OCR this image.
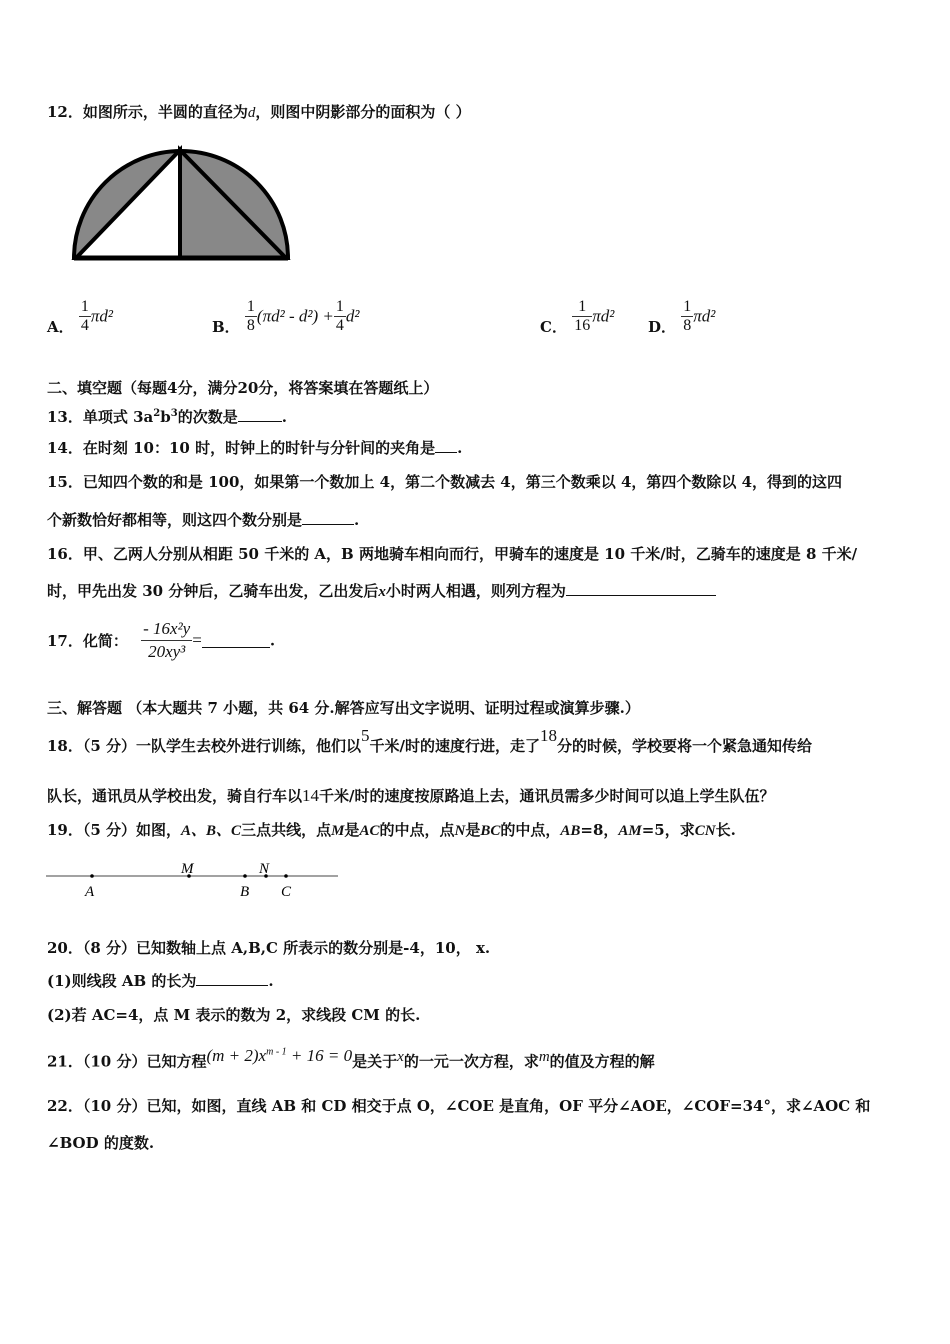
12．如图所示，半圆的直径为d，则图中阴影部分的面积为（ ）
A． $\frac{1}{4} \pi d^2$
B． $\frac{1}{8} (\pi d^2 - d^2) + \frac{1}{4} d^2$
C． $\frac{1}{16} \pi d^2$
D． $\frac{1}{8} \pi d^2$
二、填空题（每题4分，满分20分，将答案填在答题纸上）
13．单项式 $3a^2b^3$的次数是	.
14．在时刻 10：10 时，时钟上的时针与分针间的夹角是 .
15．已知四个数的和是 100，如果第一个数加上 4，第二个数减去 4，第三个数乘以 4，第四个数除以 4，得到的这四
个新数恰好都相等，则这四个数分别是	.
16．甲、乙两人分别从相距 50 千米的 A，B 两地骑车相向而行，甲骑车的速度是 10 千米/时，乙骑车的速度是 8 千米/
时，甲先出发 30 分钟后，乙骑车出发，乙出发后x小时两人相遇，则列方程为
17．化简： $\frac{\text{- 16x²y}}{\text{20xy³}}$ =	.
三、解答题 （本大题共 7 小题，共 64 分.解答应写出文字说明、证明过程或演算步骤.）
18．（5 分）一队学生去校外进行训练，他们以5千米/时的速度行进，走了18分的时候，学校要将一个紧急通知传给
队长，通讯员从学校出发，骑自行车以14千米/时的速度按原路追上去，通讯员需多少时间可以追上学生队伍？
19．（5 分）如图，A、B、C三点共线，点M是AC的中点，点N是BC的中点，AB=8，AM=5，求CN长.
A
M
B
N
C
20．（8 分）已知数轴上点 A,B,C 所表示的数分别是-4，10， x.
(1)则线段 AB 的长为	.
(2)若 AC=4，点 M 表示的数为 2，求线段 CM 的长.
21．（10 分）已知方程$(m + 2)x^{m - 1} + 16 = 0$是关于x的一元一次方程，求m的值及方程的解
22．（10 分）已知，如图，直线 AB 和 CD 相交于点 O，∠COE 是直角，OF 平分∠AOE，∠COF=34°，求∠AOC 和
∠BOD 的度数.
